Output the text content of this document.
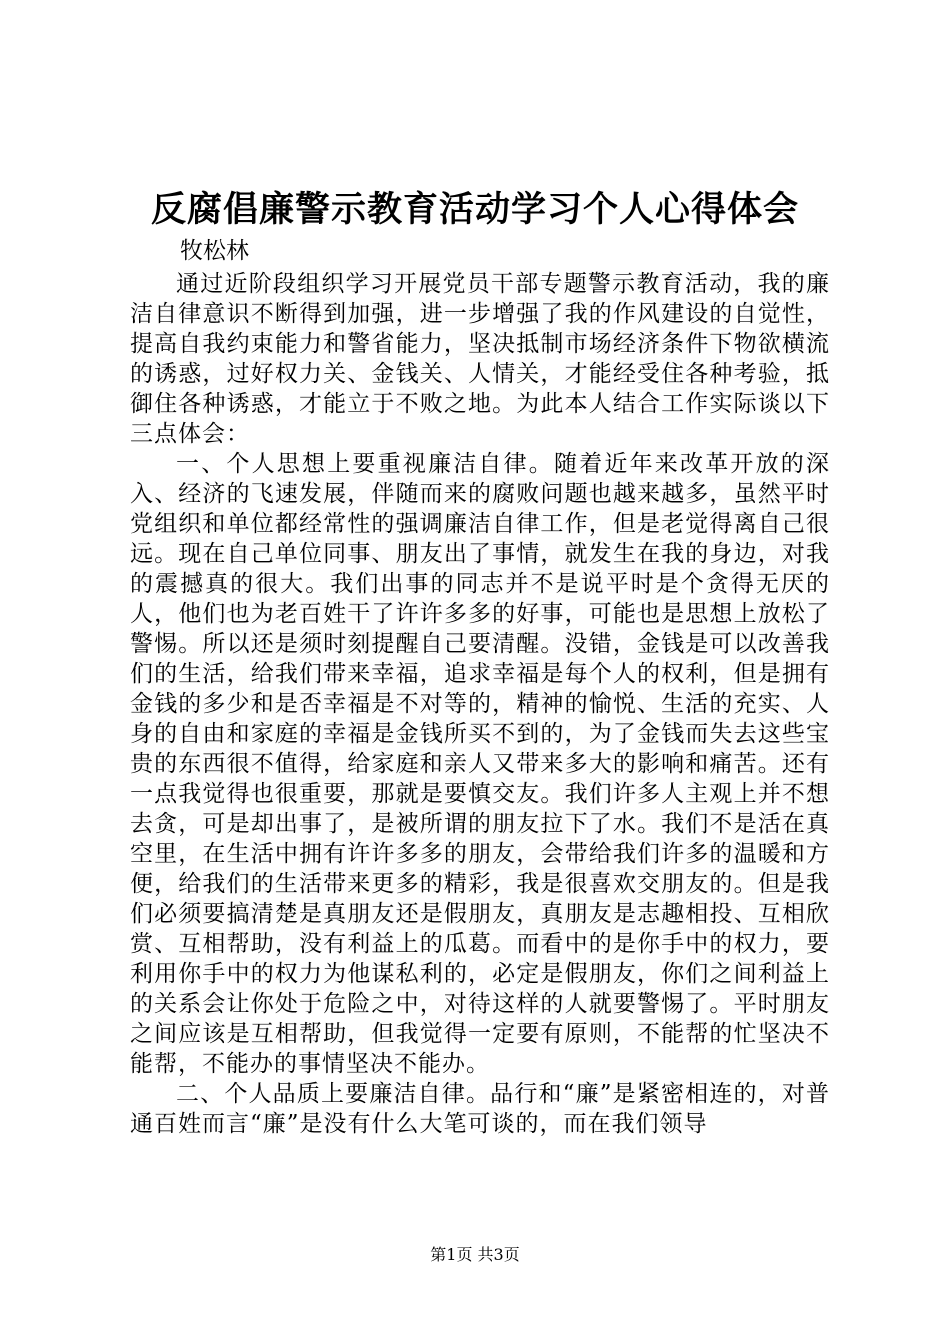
反腐倡廉警示教育活动学习个人心得体会
牧松林

通过近阶段组织学习开展党员干部专题警示教育活动，我的廉洁自律意识不断得到加强，进一步增强了我的作风建设的自觉性，提高自我约束能力和警省能力，坚决抵制市场经济条件下物欲横流的诱惑，过好权力关、金钱关、人情关，才能经受住各种考验，抵御住各种诱惑，才能立于不败之地。为此本人结合工作实际谈以下三点体会：

一、个人思想上要重视廉洁自律。随着近年来改革开放的深入、经济的飞速发展，伴随而来的腐败问题也越来越多，虽然平时党组织和单位都经常性的强调廉洁自律工作，但是老觉得离自己很远。现在自己单位同事、朋友出了事情，就发生在我的身边，对我的震撼真的很大。我们出事的同志并不是说平时是个贪得无厌的人，他们也为老百姓干了许许多多的好事，可能也是思想上放松了警惕。所以还是须时刻提醒自己要清醒。没错，金钱是可以改善我们的生活，给我们带来幸福，追求幸福是每个人的权利，但是拥有金钱的多少和是否幸福是不对等的，精神的愉悦、生活的充实、人身的自由和家庭的幸福是金钱所买不到的，为了金钱而失去这些宝贵的东西很不值得，给家庭和亲人又带来多大的影响和痛苦。还有一点我觉得也很重要，那就是要慎交友。我们许多人主观上并不想去贪，可是却出事了，是被所谓的朋友拉下了水。我们不是活在真空里，在生活中拥有许许多多的朋友，会带给我们许多的温暖和方便，给我们的生活带来更多的精彩，我是很喜欢交朋友的。但是我们必须要搞清楚是真朋友还是假朋友，真朋友是志趣相投、互相欣赏、互相帮助，没有利益上的瓜葛。而看中的是你手中的权力，要利用你手中的权力为他谋私利的，必定是假朋友，你们之间利益上的关系会让你处于危险之中，对待这样的人就要警惕了。平时朋友之间应该是互相帮助，但我觉得一定要有原则，不能帮的忙坚决不能帮，不能办的事情坚决不能办。

二、个人品质上要廉洁自律。品行和“廉”是紧密相连的，对普通百姓而言“廉”是没有什么大笔可谈的，而在我们领导

第1页 共3页
